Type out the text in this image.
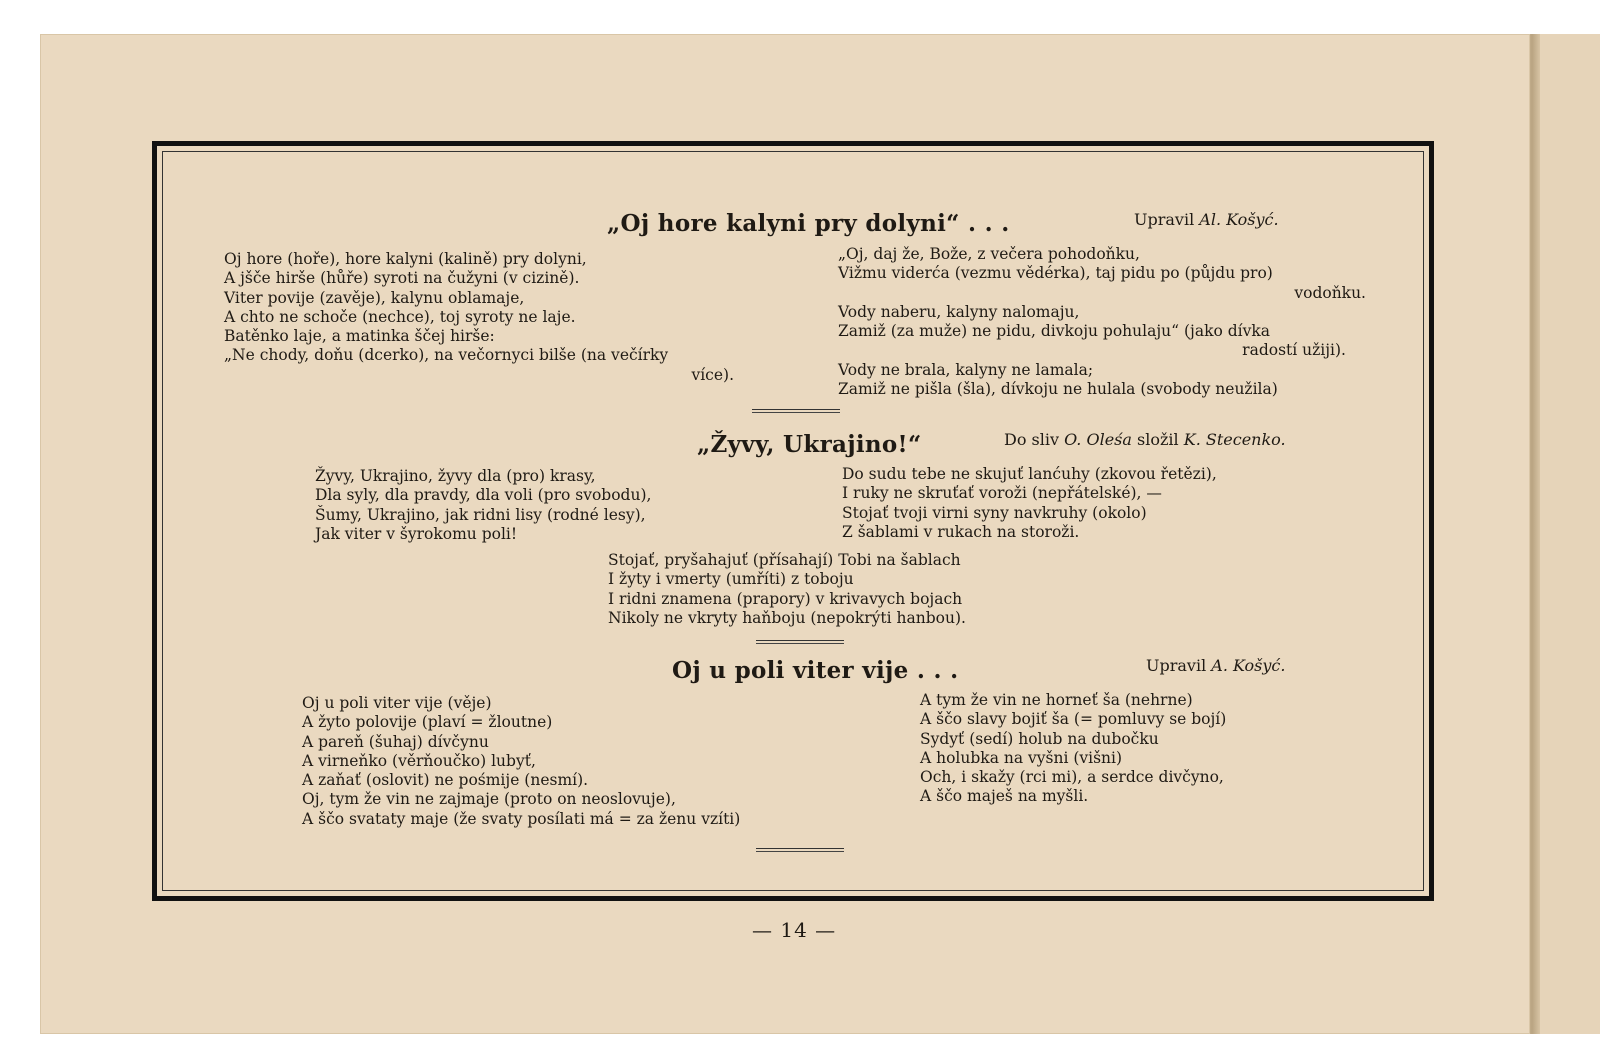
„Oj hore kalyni pry dolyni“ . . .	Upravil Al. Košyć.
Oj hore (hoře), hore kalyni (kalině) pry dolyni,
A jšče hirše (hůře) syroti na čužyni (v cizině).
Viter povije (zavěje), kalynu oblamaje,
A chto ne schoče (nechce), toj syroty ne laje.
Batěnko laje, a matinka ščej hirše:
„Ne chody, doňu (dcerko), na večornyci bilše (na večírky
více).
„Oj, daj že, Bože, z večera pohodoňku,
Vižmu viderća (vezmu vědérka), taj pidu po (půjdu pro)
vodoňku.
Vody naberu, kalyny nalomaju,
Zamiž (za muže) ne pidu, divkoju pohulaju“ (jako dívka
radostí užiji).
Vody ne brala, kalyny ne lamala;
Zamiž ne pišla (šla), dívkoju ne hulala (svobody neužila)
„Žyvy, Ukrajino!“	Do sliv O. Oleśa složil K. Stecenko.
Žyvy, Ukrajino, žyvy dla (pro) krasy,
Dla syly, dla pravdy, dla voli (pro svobodu),
Šumy, Ukrajino, jak ridni lisy (rodné lesy),
Jak viter v šyrokomu poli!
Do sudu tebe ne skujuť lanćuhy (zkovou řetězi),
I ruky ne skruťať voroži (nepřátelské), —
Stojať tvoji virni syny navkruhy (okolo)
Z šablami v rukach na storoži.
Stojať, pryšahajuť (přísahají) Tobi na šablach
I žyty i vmerty (umříti) z toboju
I ridni znamena (prapory) v krivavych bojach
Nikoly ne vkryty haňboju (nepokrýti hanbou).
Oj u poli viter vije . . .	Upravil A. Košyć.
Oj u poli viter vije (věje)
A žyto polovije (plaví = žloutne)
A pareň (šuhaj) dívčynu
A virneňko (věrňoučko) lubyť,
A zaňať (oslovit) ne pośmije (nesmí).
Oj, tym že vin ne zajmaje (proto on neoslovuje),
A ščo svataty maje (že svaty posílati má = za ženu vzíti)
A tym že vin ne horneť ša (nehrne)
A ščo slavy bojiť ša (= pomluvy se bojí)
Sydyť (sedí) holub na dubočku
A holubka na vyšni (višni)
Och, i skažy (rci mi), a serdce divčyno,
A ščo maješ na myšli.
— 14 —
